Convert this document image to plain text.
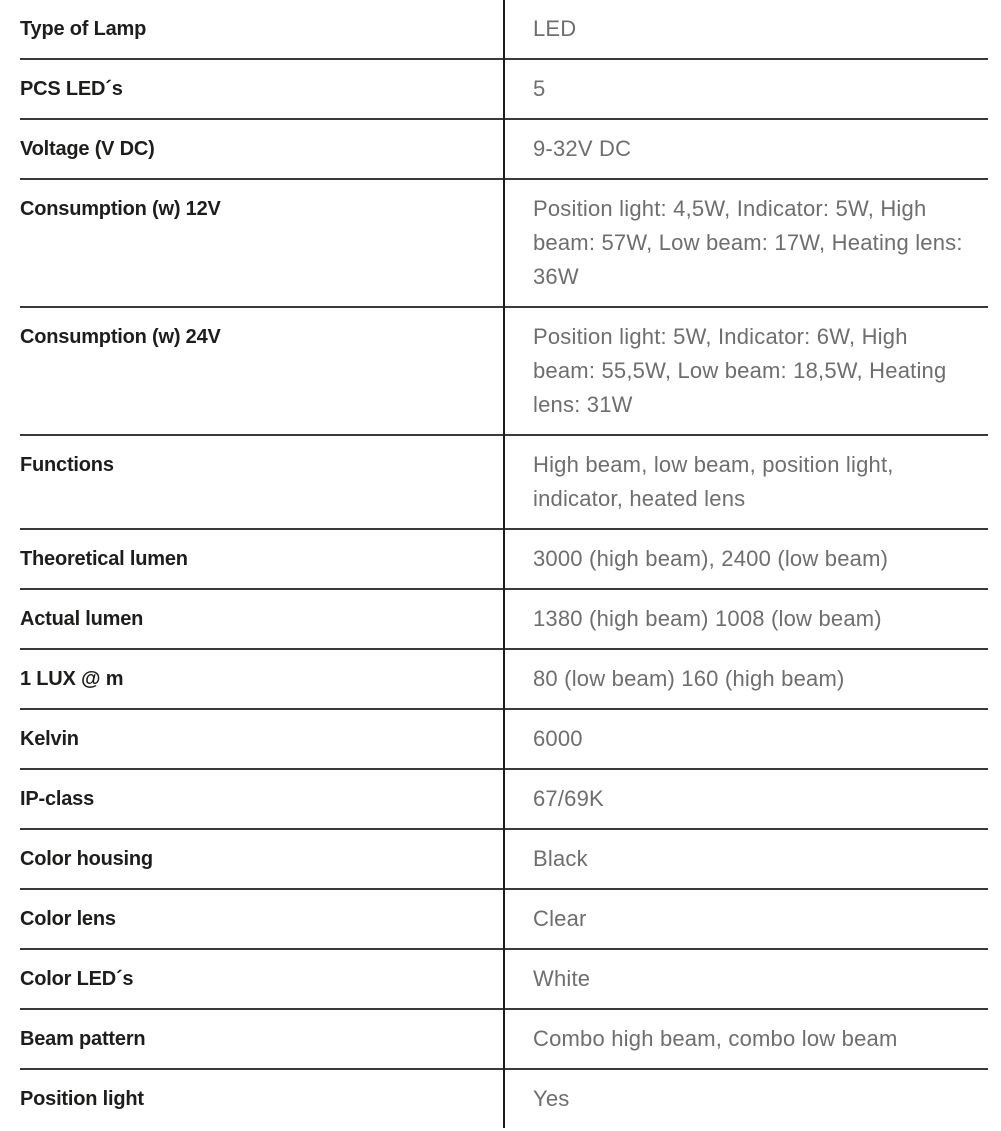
Type of Lamp	LED
PCS LED´s	5
Voltage (V DC)	9-32V DC
Consumption (w) 12V	Position light: 4,5W, Indicator: 5W, High beam: 57W, Low beam: 17W, Heating lens: 36W
Consumption (w) 24V	Position light: 5W, Indicator: 6W, High beam: 55,5W, Low beam: 18,5W, Heating lens: 31W
Functions	High beam, low beam, position light, indicator, heated lens
Theoretical lumen	3000 (high beam), 2400 (low beam)
Actual lumen	1380 (high beam) 1008 (low beam)
1 LUX @ m	80 (low beam) 160 (high beam)
Kelvin	6000
IP-class	67/69K
Color housing	Black
Color lens	Clear
Color LED´s	White
Beam pattern	Combo high beam, combo low beam
Position light	Yes
